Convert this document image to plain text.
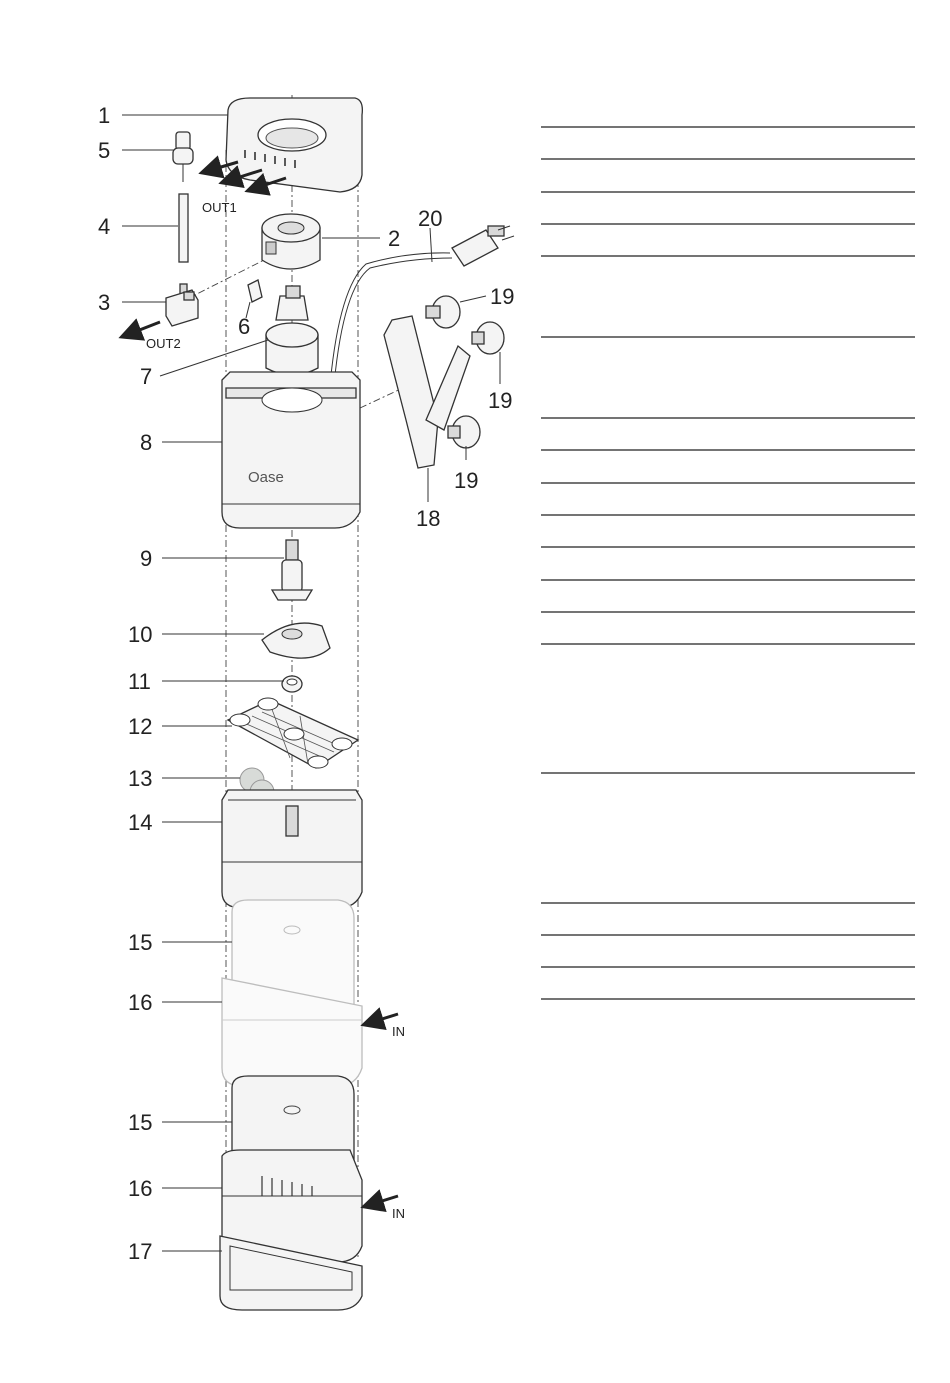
Oase
1
5
4
3
2
6
7
8
9
10
11
12
13
14
15
16
15
16
17
18
19
19
19
20
OUT1
OUT2
IN
IN
